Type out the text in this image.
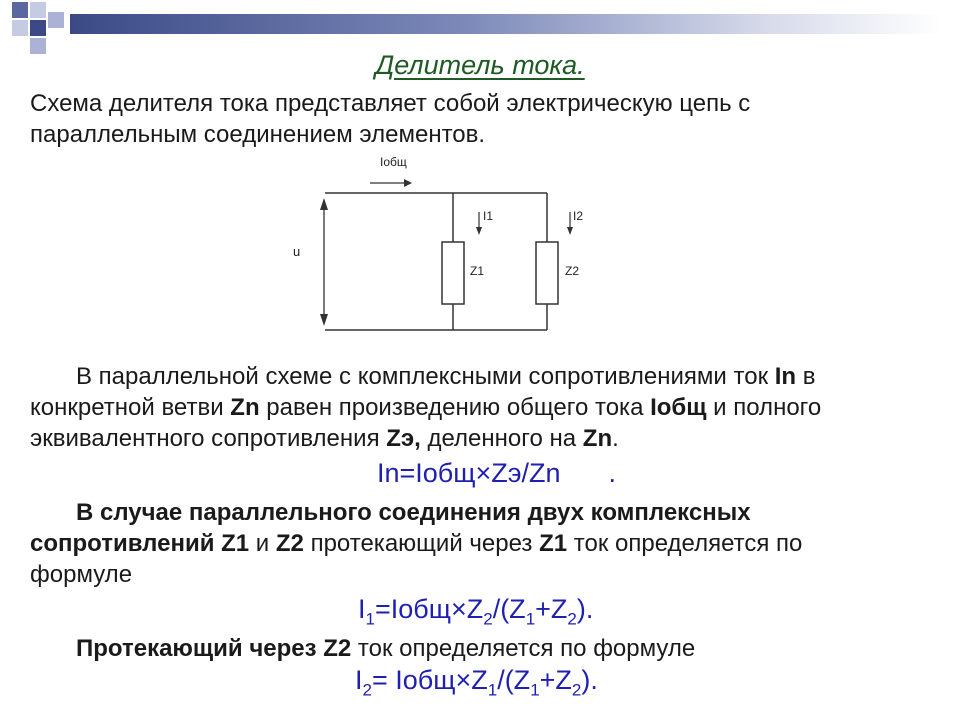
Делитель тока.
Схема делителя тока представляет собой электрическую цепь с
параллельным соединением элементов.
u
Iобщ
I1	I2
Z1	Z2
В параллельной схеме с комплексными сопротивлениями ток In в
конкретной ветви Zn равен произведению общего тока Iобщ и полного
эквивалентного сопротивления Zэ, деленного на Zn.
In=Iобщ×Zэ/Zn .
В случае параллельного соединения двух комплексных
сопротивлений Z1 и Z2 протекающий через Z1 ток определяется по
формуле
$I_1=Iобщ\times Z_2/(Z_1+Z_2)$.
Протекающий через Z2 ток определяется по формуле
$I_2=$ $Iобщ\times Z_1/(Z_1+Z_2)$.
